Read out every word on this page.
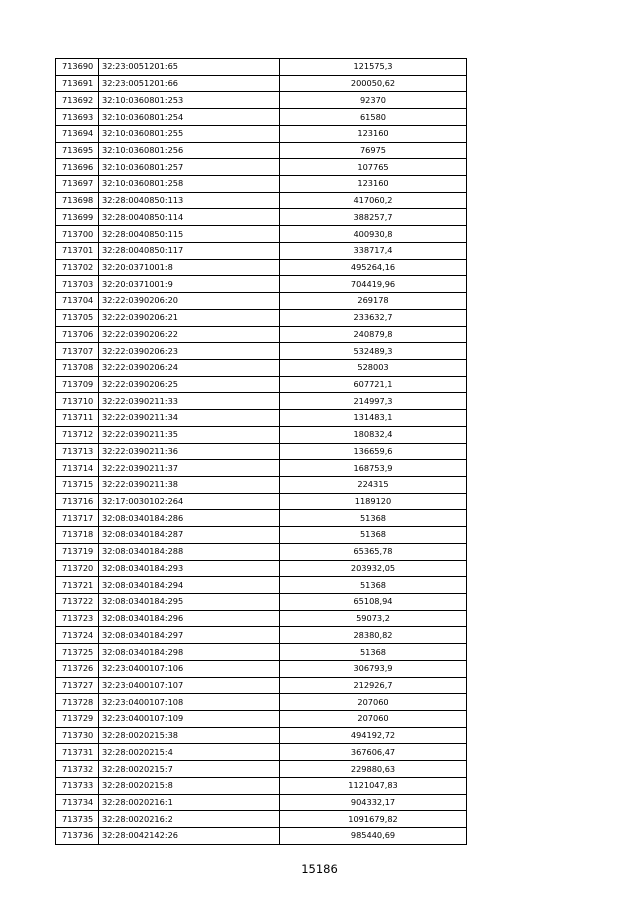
713690	32:23:0051201:65	121575,3
713691	32:23:0051201:66	200050,62
713692	32:10:0360801:253	92370
713693	32:10:0360801:254	61580
713694	32:10:0360801:255	123160
713695	32:10:0360801:256	76975
713696	32:10:0360801:257	107765
713697	32:10:0360801:258	123160
713698	32:28:0040850:113	417060,2
713699	32:28:0040850:114	388257,7
713700	32:28:0040850:115	400930,8
713701	32:28:0040850:117	338717,4
713702	32:20:0371001:8	495264,16
713703	32:20:0371001:9	704419,96
713704	32:22:0390206:20	269178
713705	32:22:0390206:21	233632,7
713706	32:22:0390206:22	240879,8
713707	32:22:0390206:23	532489,3
713708	32:22:0390206:24	528003
713709	32:22:0390206:25	607721,1
713710	32:22:0390211:33	214997,3
713711	32:22:0390211:34	131483,1
713712	32:22:0390211:35	180832,4
713713	32:22:0390211:36	136659,6
713714	32:22:0390211:37	168753,9
713715	32:22:0390211:38	224315
713716	32:17:0030102:264	1189120
713717	32:08:0340184:286	51368
713718	32:08:0340184:287	51368
713719	32:08:0340184:288	65365,78
713720	32:08:0340184:293	203932,05
713721	32:08:0340184:294	51368
713722	32:08:0340184:295	65108,94
713723	32:08:0340184:296	59073,2
713724	32:08:0340184:297	28380,82
713725	32:08:0340184:298	51368
713726	32:23:0400107:106	306793,9
713727	32:23:0400107:107	212926,7
713728	32:23:0400107:108	207060
713729	32:23:0400107:109	207060
713730	32:28:0020215:38	494192,72
713731	32:28:0020215:4	367606,47
713732	32:28:0020215:7	229880,63
713733	32:28:0020215:8	1121047,83
713734	32:28:0020216:1	904332,17
713735	32:28:0020216:2	1091679,82
713736	32:28:0042142:26	985440,69
15186
